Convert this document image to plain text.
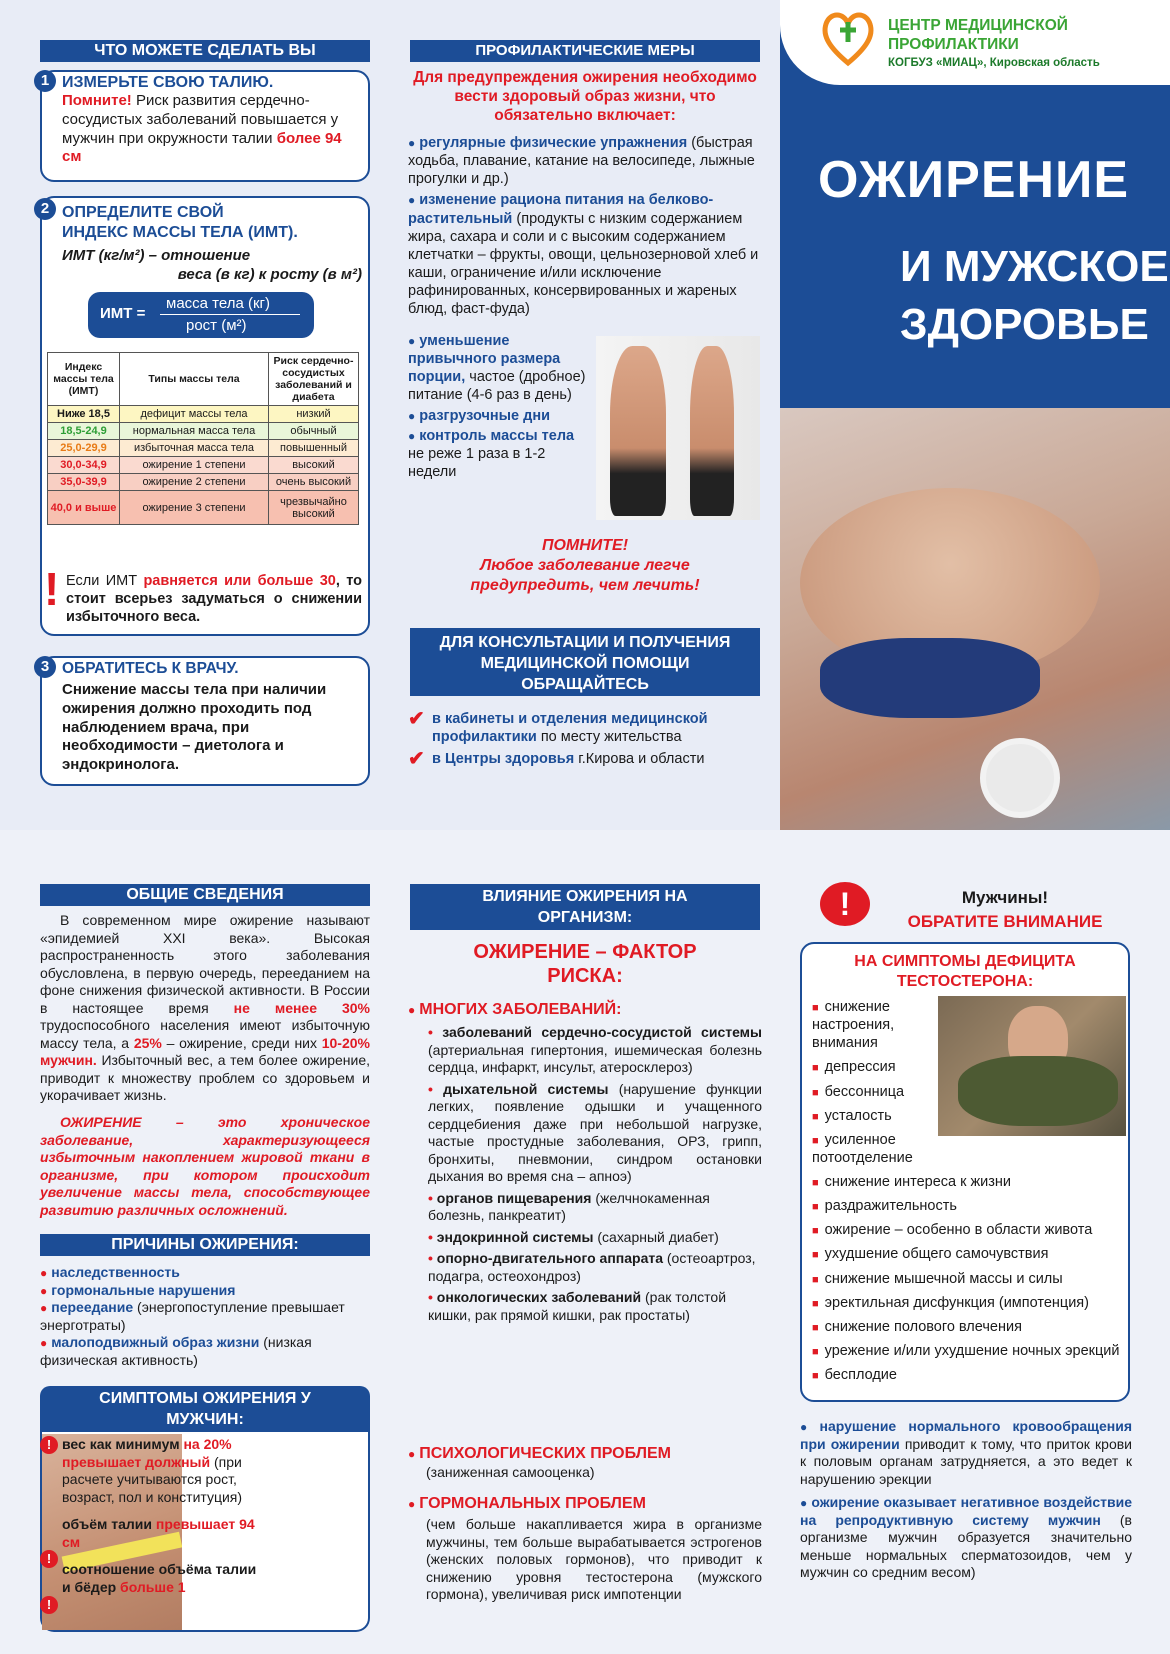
ЦЕНТР МЕДИЦИНСКОЙ
ПРОФИЛАКТИКИ
КОГБУЗ «МИАЦ», Кировская область
ОЖИРЕНИЕ
И МУЖСКОЕ
ЗДОРОВЬЕ
ЧТО МОЖЕТЕ СДЕЛАТЬ ВЫ
1 ИЗМЕРЬТЕ СВОЮ ТАЛИЮ.

Помните! Риск развития сердечно-сосудистых заболеваний повышается у мужчин при окружности талии более 94 см

2 ОПРЕДЕЛИТЕ СВОЙ
ИНДЕКС МАССЫ ТЕЛА (ИМТ).
ИМТ (кг/м²) – отношение
веса (в кг) к росту (в м²)
ИМТ =
масса тела (кг)
рост (м²)
Индекс массы тела (ИМТ)	Типы массы тела	Риск сердечно-сосудистых заболеваний и диабета
Ниже 18,5	дефицит массы тела	низкий
18,5-24,9	нормальная масса тела	обычный
25,0-29,9	избыточная масса тела	повышенный
30,0-34,9	ожирение 1 степени	высокий
35,0-39,9	ожирение 2 степени	очень высокий
40,0 и выше	ожирение 3 степени	чрезвычайно высокий
! Если ИМТ равняется или больше 30, то стоит всерьез задуматься о снижении избыточного веса.

3 ОБРАТИТЕСЬ К ВРАЧУ.

Снижение массы тела при наличии ожирения должно проходить под наблюдением врача, при необходимости – диетолога и эндокринолога.

ПРОФИЛАКТИЧЕСКИЕ МЕРЫ

Для предупреждения ожирения необходимо вести здоровый образ жизни, что обязательно включает:

● регулярные физические упражнения (быстрая ходьба, плавание, катание на велосипеде, лыжные прогулки и др.)

● изменение рациона питания на белково-растительный (продукты с низким содержанием жира, сахара и соли и с высоким содержанием клетчатки – фрукты, овощи, цельнозерновой хлеб и каши, ограничение и/или исключение рафинированных, консервированных и жареных блюд, фаст-фуда)

● уменьшение привычного размера порции, частое (дробное) питание (4-6 раз в день)

● разгрузочные дни

● контроль массы тела не реже 1 раза в 1-2 недели

ПОМНИТЕ!
Любое заболевание легче предупредить, чем лечить!
ДЛЯ КОНСУЛЬТАЦИИ И ПОЛУЧЕНИЯ МЕДИЦИНСКОЙ ПОМОЩИ ОБРАЩАЙТЕСЬ

✔ в кабинеты и отделения медицинской профилактики по месту жительства

✔ в Центры здоровья г.Кирова и области

ОБЩИЕ СВЕДЕНИЯ

В современном мире ожирение называют «эпидемией XXI века». Высокая распространенность этого заболевания обусловлена, в первую очередь, перееданием на фоне снижения физической активности. В России в настоящее время не менее 30% трудоспособного населения имеют избыточную массу тела, а 25% – ожирение, среди них 10-20% мужчин. Избыточный вес, а тем более ожирение, приводит к множеству проблем со здоровьем и укорачивает жизнь.

ОЖИРЕНИЕ – это хроническое заболевание, характеризующееся избыточным накоплением жировой ткани в организме, при котором происходит увеличение массы тела, способствующее развитию различных осложнений.

ПРИЧИНЫ ОЖИРЕНИЯ:

● наследственность

● гормональные нарушения

● переедание (энергопоступление превышает энерготраты)

● малоподвижный образ жизни (низкая физическая активность)

СИМПТОМЫ ОЖИРЕНИЯ У МУЖЧИН:
! вес как минимум на 20% превышает должный (при расчете учитываются рост, возраст, пол и конституция)

!

объём талии превышает 94 см

!

соотношение объёма талии и бёдер больше 1

ВЛИЯНИЕ ОЖИРЕНИЯ НА ОРГАНИЗМ:
ОЖИРЕНИЕ – ФАКТОР РИСКА:

● МНОГИХ ЗАБОЛЕВАНИЙ:

• заболеваний сердечно-сосудистой системы (артериальная гипертония, ишемическая болезнь сердца, инфаркт, инсульт, атеросклероз)

• дыхательной системы (нарушение функции легких, появление одышки и учащенного сердцебиения даже при небольшой нагрузке, частые простудные заболевания, ОРЗ, грипп, бронхиты, пневмонии, синдром остановки дыхания во время сна – апноэ)

• органов пищеварения (желчнокаменная болезнь, панкреатит)

• эндокринной системы (сахарный диабет)

• опорно-двигательного аппарата (остеоартроз, подагра, остеохондроз)

• онкологических заболеваний (рак толстой кишки, рак прямой кишки, рак простаты)

● ПСИХОЛОГИЧЕСКИХ ПРОБЛЕМ

(заниженная самооценка)

● ГОРМОНАЛЬНЫХ ПРОБЛЕМ

(чем больше накапливается жира в организме мужчины, тем больше вырабатывается эстрогенов (женских половых гормонов), что приводит к снижению уровня тестостерона (мужского гормона), увеличивая риск импотенции

!	Мужчины!
ОБРАТИТЕ ВНИМАНИЕ
НА СИМПТОМЫ ДЕФИЦИТА ТЕСТОСТЕРОНА:

■ снижение настроения, внимания

■ депрессия

■ бессонница

■ усталость

■ усиленное потоотделение

■ снижение интереса к жизни

■ раздражительность

■ ожирение – особенно в области живота

■ ухудшение общего самочувствия

■ снижение мышечной массы и силы

■ эректильная дисфункция (импотенция)

■ снижение полового влечения

■ урежение и/или ухудшение ночных эрекций

■ бесплодие

● нарушение нормального кровообращения при ожирении приводит к тому, что приток крови к половым органам затрудняется, а это ведет к нарушению эрекции

● ожирение оказывает негативное воздействие на репродуктивную систему мужчин (в организме мужчин образуется значительно меньше нормальных сперматозоидов, чем у мужчин со средним весом)
